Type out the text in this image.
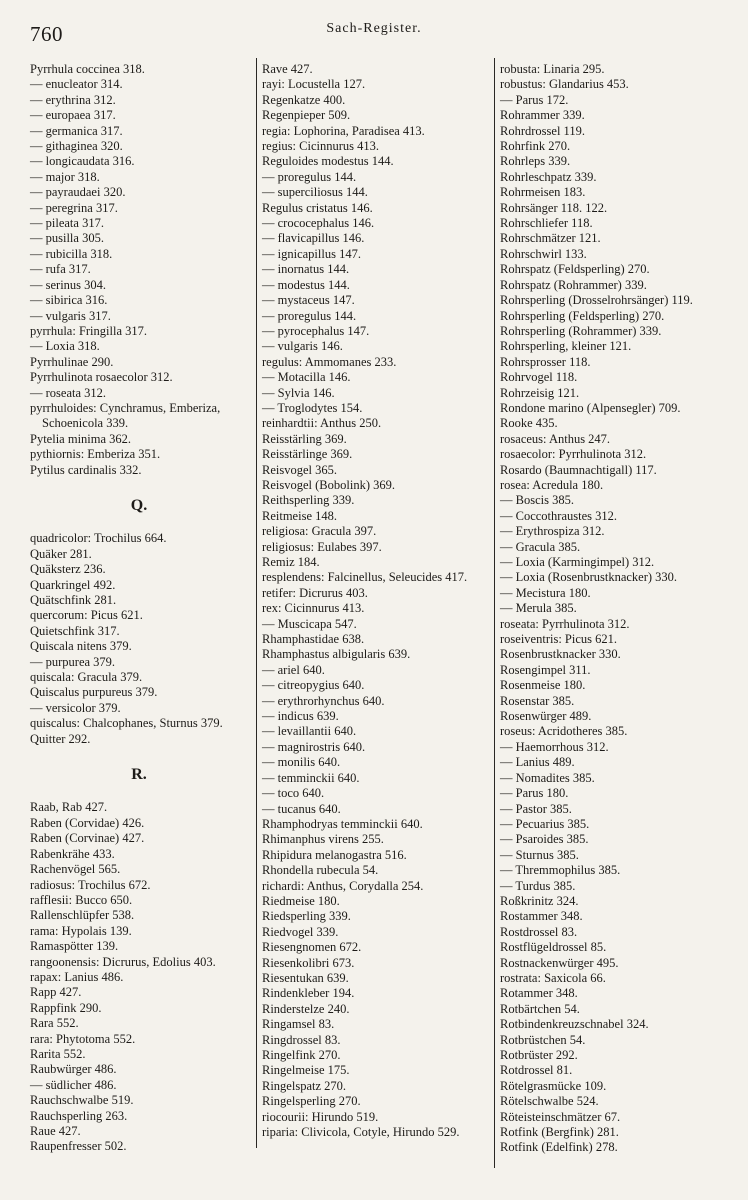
760	Sach-Register.
Pyrrhula coccinea 318.
— enucleator 314.
— erythrina 312.
— europaea 317.
— germanica 317.
— githaginea 320.
— longicaudata 316.
— major 318.
— payraudaei 320.
— peregrina 317.
— pileata 317.
— pusilla 305.
— rubicilla 318.
— rufa 317.
— serinus 304.
— sibirica 316.
— vulgaris 317.
pyrrhula: Fringilla 317.
— Loxia 318.
Pyrrhulinae 290.
Pyrrhulinota rosaecolor 312.
— roseata 312.
pyrrhuloides: Cynchramus, Emberiza, Schoenicola 339.
Pytelia minima 362.
pythiornis: Emberiza 351.
Pytilus cardinalis 332.
Q.
quadricolor: Trochilus 664.
Quäker 281.
Quäksterz 236.
Quarkringel 492.
Quätschfink 281.
quercorum: Picus 621.
Quietschfink 317.
Quiscala nitens 379.
— purpurea 379.
quiscala: Gracula 379.
Quiscalus purpureus 379.
— versicolor 379.
quiscalus: Chalcophanes, Sturnus 379.
Quitter 292.
R.
Raab, Rab 427.
Raben (Corvidae) 426.
Raben (Corvinae) 427.
Rabenkrähe 433.
Rachenvögel 565.
radiosus: Trochilus 672.
rafflesii: Bucco 650.
Rallenschlüpfer 538.
rama: Hypolais 139.
Ramaspötter 139.
rangoonensis: Dicrurus, Edolius 403.
rapax: Lanius 486.
Rapp 427.
Rappfink 290.
Rara 552.
rara: Phytotoma 552.
Rarita 552.
Raubwürger 486.
— südlicher 486.
Rauchschwalbe 519.
Rauchsperling 263.
Raue 427.
Raupenfresser 502.
Rave 427.
rayi: Locustella 127.
Regenkatze 400.
Regenpieper 509.
regia: Lophorina, Paradisea 413.
regius: Cicinnurus 413.
Reguloides modestus 144.
— proregulus 144.
— superciliosus 144.
Regulus cristatus 146.
— crococephalus 146.
— flavicapillus 146.
— ignicapillus 147.
— inornatus 144.
— modestus 144.
— mystaceus 147.
— proregulus 144.
— pyrocephalus 147.
— vulgaris 146.
regulus: Ammomanes 233.
— Motacilla 146.
— Sylvia 146.
— Troglodytes 154.
reinhardtii: Anthus 250.
Reisstärling 369.
Reisstärlinge 369.
Reisvogel 365.
Reisvogel (Bobolink) 369.
Reithsperling 339.
Reitmeise 148.
religiosa: Gracula 397.
religiosus: Eulabes 397.
Remiz 184.
resplendens: Falcinellus, Seleucides 417.
retifer: Dicrurus 403.
rex: Cicinnurus 413.
— Muscicapa 547.
Rhamphastidae 638.
Rhamphastus albigularis 639.
— ariel 640.
— citreopygius 640.
— erythrorhynchus 640.
— indicus 639.
— levaillantii 640.
— magnirostris 640.
— monilis 640.
— temminckii 640.
— toco 640.
— tucanus 640.
Rhamphodryas temminckii 640.
Rhimanphus virens 255.
Rhipidura melanogastra 516.
Rhondella rubecula 54.
richardi: Anthus, Corydalla 254.
Riedmeise 180.
Riedsperling 339.
Riedvogel 339.
Riesengnomen 672.
Riesenkolibri 673.
Riesentukan 639.
Rindenkleber 194.
Rinderstelze 240.
Ringamsel 83.
Ringdrossel 83.
Ringelfink 270.
Ringelmeise 175.
Ringelspatz 270.
Ringelsperling 270.
riocourii: Hirundo 519.
riparia: Clivicola, Cotyle, Hirundo 529.
robusta: Linaria 295.
robustus: Glandarius 453.
— Parus 172.
Rohrammer 339.
Rohrdrossel 119.
Rohrfink 270.
Rohrleps 339.
Rohrleschpatz 339.
Rohrmeisen 183.
Rohrsänger 118. 122.
Rohrschliefer 118.
Rohrschmätzer 121.
Rohrschwirl 133.
Rohrspatz (Feldsperling) 270.
Rohrspatz (Rohrammer) 339.
Rohrsperling (Drosselrohrsänger) 119.
Rohrsperling (Feldsperling) 270.
Rohrsperling (Rohrammer) 339.
Rohrsperling, kleiner 121.
Rohrsprosser 118.
Rohrvogel 118.
Rohrzeisig 121.
Rondone marino (Alpensegler) 709.
Rooke 435.
rosaceus: Anthus 247.
rosaecolor: Pyrrhulinota 312.
Rosardo (Baumnachtigall) 117.
rosea: Acredula 180.
— Boscis 385.
— Coccothraustes 312.
— Erythrospiza 312.
— Gracula 385.
— Loxia (Karmingimpel) 312.
— Loxia (Rosenbrustknacker) 330.
— Mecistura 180.
— Merula 385.
roseata: Pyrrhulinota 312.
roseiventris: Picus 621.
Rosenbrustknacker 330.
Rosengimpel 311.
Rosenmeise 180.
Rosenstar 385.
Rosenwürger 489.
roseus: Acridotheres 385.
— Haemorrhous 312.
— Lanius 489.
— Nomadites 385.
— Parus 180.
— Pastor 385.
— Pecuarius 385.
— Psaroides 385.
— Sturnus 385.
— Thremmophilus 385.
— Turdus 385.
Roßkrinitz 324.
Rostammer 348.
Rostdrossel 83.
Rostflügeldrossel 85.
Rostnackenwürger 495.
rostrata: Saxicola 66.
Rotammer 348.
Rotbärtchen 54.
Rotbindenkreuzschnabel 324.
Rotbrüstchen 54.
Rotbrüster 292.
Rotdrossel 81.
Rötelgrasmücke 109.
Rötelschwalbe 524.
Röteisteinschmätzer 67.
Rotfink (Bergfink) 281.
Rotfink (Edelfink) 278.
